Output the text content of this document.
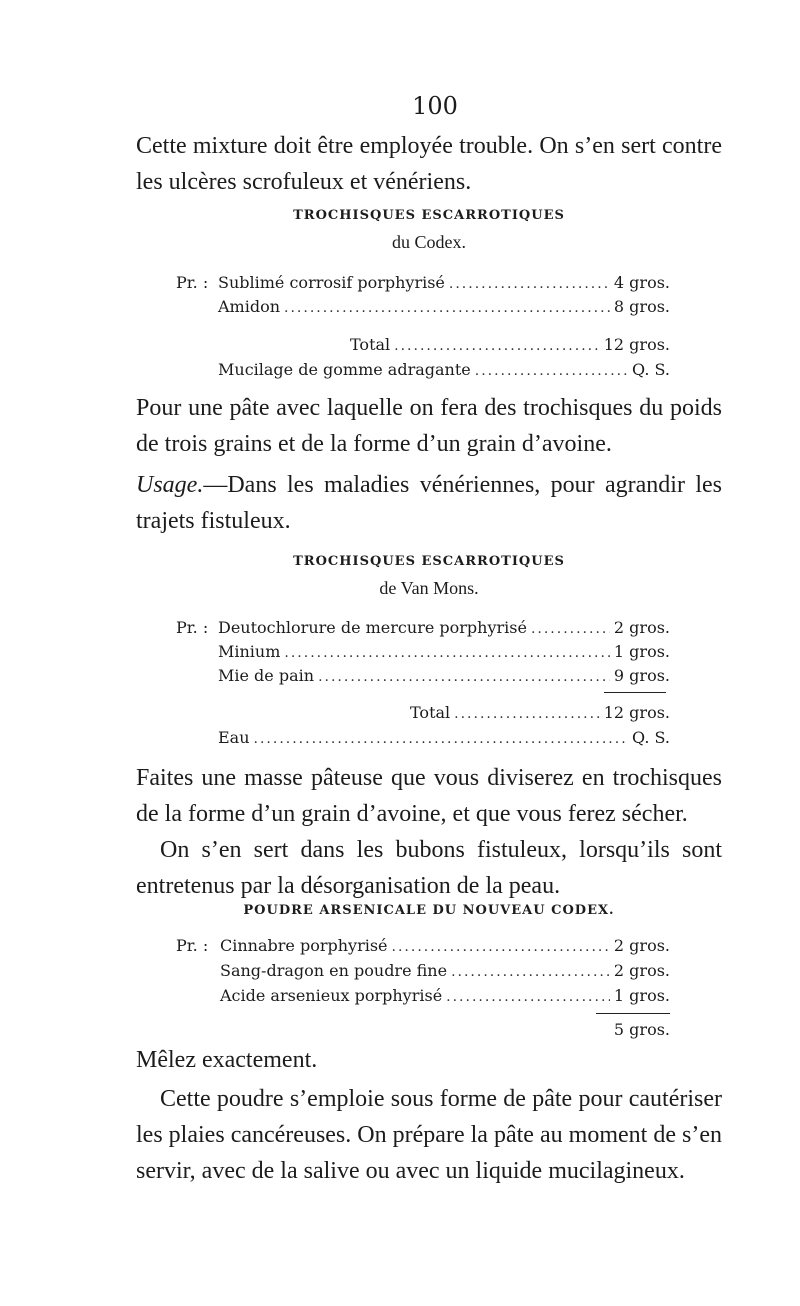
100
Cette mixture doit être employée trouble. On s’en sert contre les ulcères scrofuleux et vénériens.
TROCHISQUES ESCARROTIQUES
du Codex.
Pr. : Sublimé corrosif porphyrisé .....	4 gros.
Amidon .....	8 gros.
Total .....	12 gros.
Mucilage de gomme adragante .....	Q. S.
Pour une pâte avec laquelle on fera des trochisques du poids de trois grains et de la forme d’un grain d’avoine.
Usage.—Dans les maladies vénériennes, pour agrandir les trajets fistuleux.
TROCHISQUES ESCARROTIQUES
de Van Mons.
Pr. : Deutochlorure de mercure porphyrisé .....	2 gros.
Minium .....	1 gros.
Mie de pain .....	9 gros.
Total .....	12 gros.
Eau .....	Q. S.
Faites une masse pâteuse que vous diviserez en trochisques de la forme d’un grain d’avoine, et que vous ferez sécher.
On s’en sert dans les bubons fistuleux, lorsqu’ils sont entretenus par la désorganisation de la peau.
POUDRE ARSENICALE DU NOUVEAU CODEX.
Pr. : Cinnabre porphyrisé .....	2 gros.
Sang-dragon en poudre fine .....	2 gros.
Acide arsenieux porphyrisé .....	1 gros.
5 gros.
Mêlez exactement.
Cette poudre s’emploie sous forme de pâte pour cautériser les plaies cancéreuses. On prépare la pâte au moment de s’en servir, avec de la salive ou avec un liquide mucilagineux.
